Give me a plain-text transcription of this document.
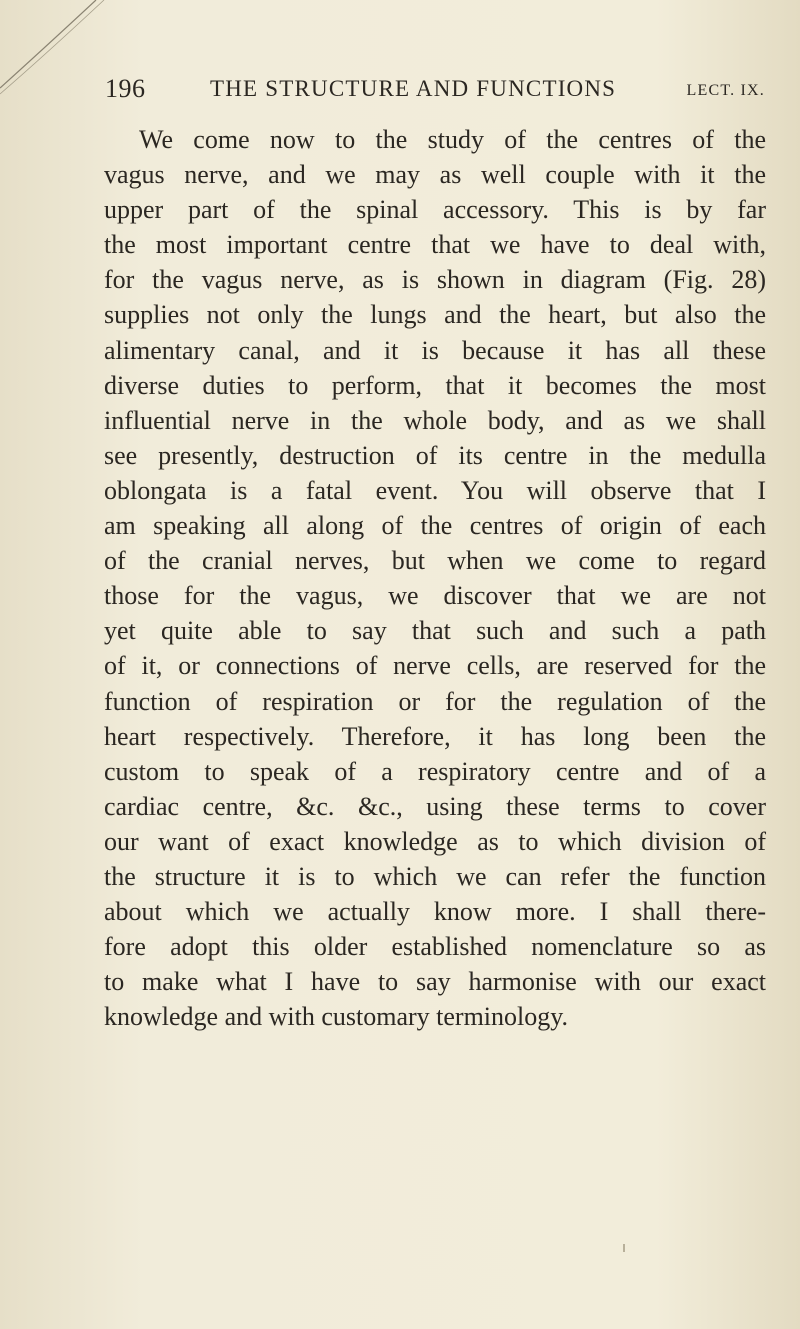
196	THE STRUCTURE AND FUNCTIONS	LECT. IX.
We come now to the study of the centres of the
vagus nerve, and we may as well couple with it the
upper part of the spinal accessory. This is by far
the most important centre that we have to deal with,
for the vagus nerve, as is shown in diagram (Fig. 28)
supplies not only the lungs and the heart, but also the
alimentary canal, and it is because it has all these
diverse duties to perform, that it becomes the most
influential nerve in the whole body, and as we shall
see presently, destruction of its centre in the medulla
oblongata is a fatal event. You will observe that I
am speaking all along of the centres of origin of each
of the cranial nerves, but when we come to regard
those for the vagus, we discover that we are not
yet quite able to say that such and such a path
of it, or connections of nerve cells, are reserved for the
function of respiration or for the regulation of the
heart respectively. Therefore, it has long been the
custom to speak of a respiratory centre and of a
cardiac centre, &c. &c., using these terms to cover
our want of exact knowledge as to which division of
the structure it is to which we can refer the function
about which we actually know more. I shall there-
fore adopt this older established nomenclature so as
to make what I have to say harmonise with our exact
knowledge and with customary terminology.
